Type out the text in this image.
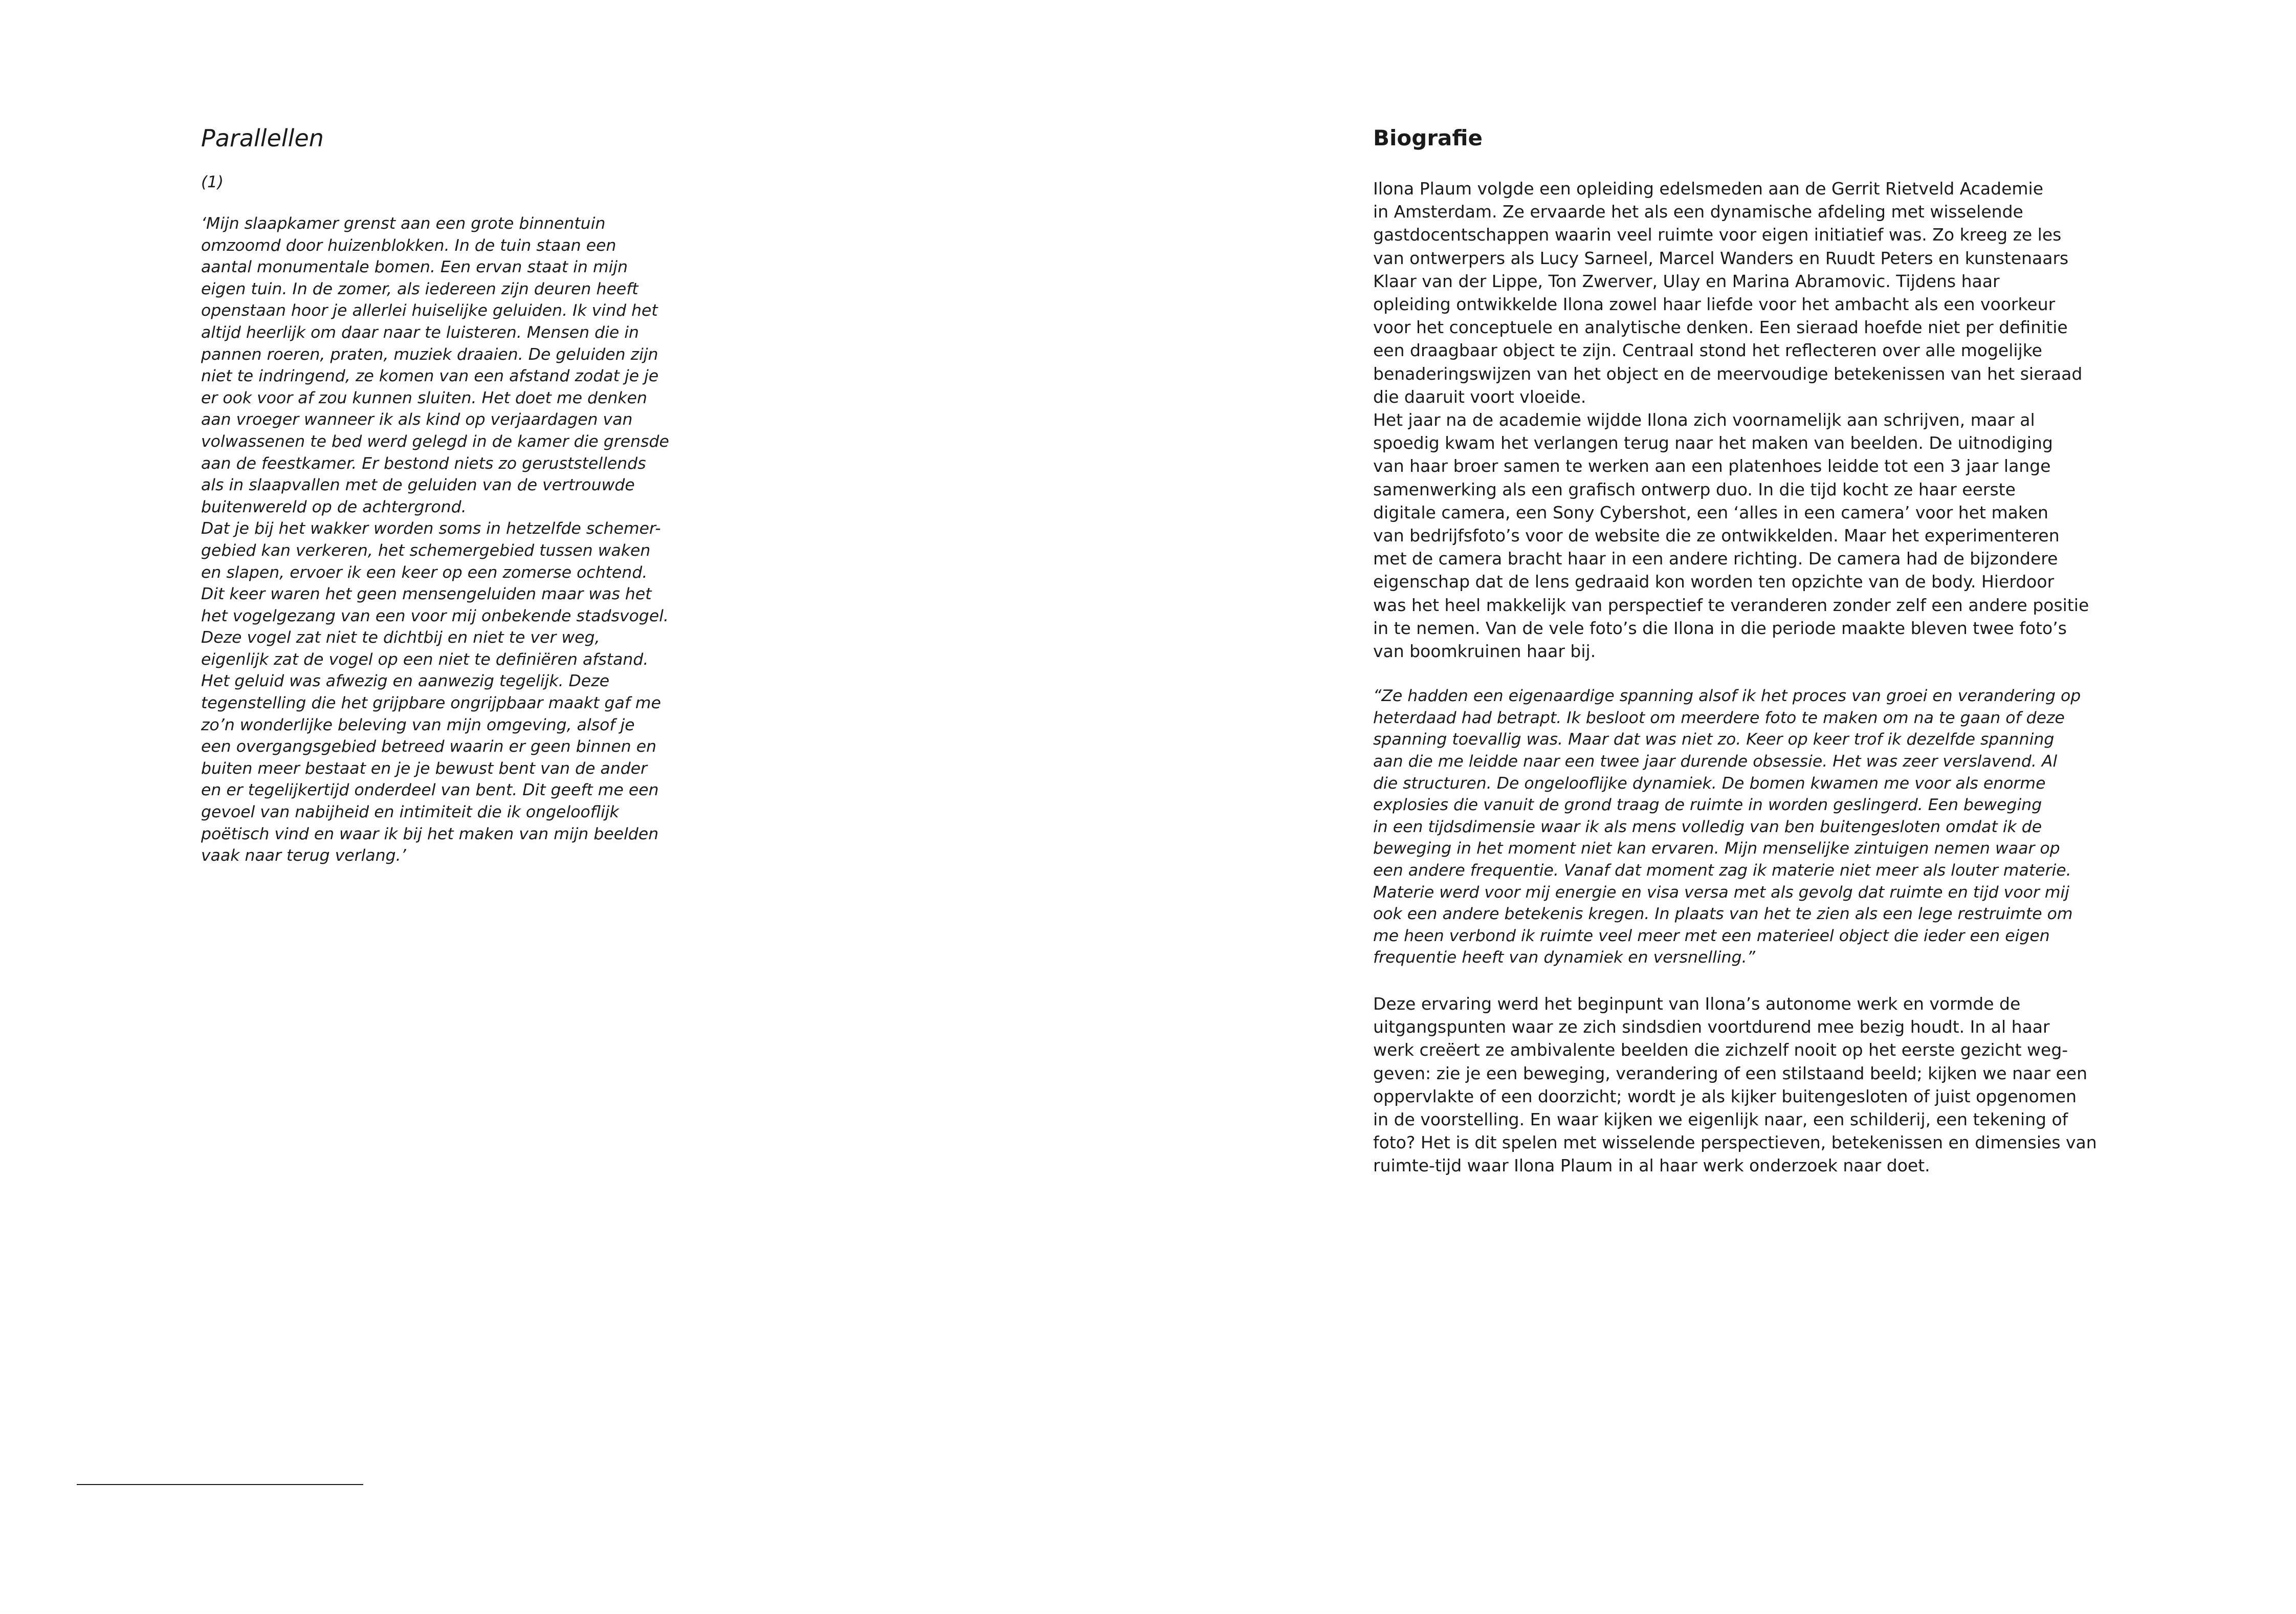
Parallellen
(1)

‘Mijn slaapkamer grenst aan een grote binnentuin
omzoomd door huizenblokken. In de tuin staan een
aantal monumentale bomen. Een ervan staat in mijn
eigen tuin. In de zomer, als iedereen zijn deuren heeft
openstaan hoor je allerlei huiselijke geluiden. Ik vind het
altijd heerlijk om daar naar te luisteren. Mensen die in
pannen roeren, praten, muziek draaien. De geluiden zijn
niet te indringend, ze komen van een afstand zodat je je
er ook voor af zou kunnen sluiten. Het doet me denken
aan vroeger wanneer ik als kind op verjaardagen van
volwassenen te bed werd gelegd in de kamer die grensde
aan de feestkamer. Er bestond niets zo geruststellends
als in slaapvallen met de geluiden van de vertrouwde
buitenwereld op de achtergrond.
Dat je bij het wakker worden soms in hetzelfde schemer-
gebied kan verkeren, het schemergebied tussen waken
en slapen, ervoer ik een keer op een zomerse ochtend.
Dit keer waren het geen mensengeluiden maar was het
het vogelgezang van een voor mij onbekende stadsvogel.
Deze vogel zat niet te dichtbij en niet te ver weg,
eigenlijk zat de vogel op een niet te definiëren afstand.
Het geluid was afwezig en aanwezig tegelijk. Deze
tegenstelling die het grijpbare ongrijpbaar maakt gaf me
zo’n wonderlijke beleving van mijn omgeving, alsof je
een overgangsgebied betreed waarin er geen binnen en
buiten meer bestaat en je je bewust bent van de ander
en er tegelijkertijd onderdeel van bent. Dit geeft me een
gevoel van nabijheid en intimiteit die ik ongelooflijk
poëtisch vind en waar ik bij het maken van mijn beelden
vaak naar terug verlang.’

Biografie

Ilona Plaum volgde een opleiding edelsmeden aan de Gerrit Rietveld Academie
in Amsterdam. Ze ervaarde het als een dynamische afdeling met wisselende
gastdocentschappen waarin veel ruimte voor eigen initiatief was. Zo kreeg ze les
van ontwerpers als Lucy Sarneel, Marcel Wanders en Ruudt Peters en kunstenaars
Klaar van der Lippe, Ton Zwerver, Ulay en Marina Abramovic. Tijdens haar
opleiding ontwikkelde Ilona zowel haar liefde voor het ambacht als een voorkeur
voor het conceptuele en analytische denken. Een sieraad hoefde niet per definitie
een draagbaar object te zijn. Centraal stond het reflecteren over alle mogelijke
benaderingswijzen van het object en de meervoudige betekenissen van het sieraad
die daaruit voort vloeide.
Het jaar na de academie wijdde Ilona zich voornamelijk aan schrijven, maar al
spoedig kwam het verlangen terug naar het maken van beelden. De uitnodiging
van haar broer samen te werken aan een platenhoes leidde tot een 3 jaar lange
samenwerking als een grafisch ontwerp duo. In die tijd kocht ze haar eerste
digitale camera, een Sony Cybershot, een ‘alles in een camera’ voor het maken
van bedrijfsfoto’s voor de website die ze ontwikkelden. Maar het experimenteren
met de camera bracht haar in een andere richting. De camera had de bijzondere
eigenschap dat de lens gedraaid kon worden ten opzichte van de body. Hierdoor
was het heel makkelijk van perspectief te veranderen zonder zelf een andere positie
in te nemen. Van de vele foto’s die Ilona in die periode maakte bleven twee foto’s
van boomkruinen haar bij.

“Ze hadden een eigenaardige spanning alsof ik het proces van groei en verandering op
heterdaad had betrapt. Ik besloot om meerdere foto te maken om na te gaan of deze
spanning toevallig was. Maar dat was niet zo. Keer op keer trof ik dezelfde spanning
aan die me leidde naar een twee jaar durende obsessie. Het was zeer verslavend. Al
die structuren. De ongelooflijke dynamiek. De bomen kwamen me voor als enorme
explosies die vanuit de grond traag de ruimte in worden geslingerd. Een beweging
in een tijdsdimensie waar ik als mens volledig van ben buitengesloten omdat ik de
beweging in het moment niet kan ervaren. Mijn menselijke zintuigen nemen waar op
een andere frequentie. Vanaf dat moment zag ik materie niet meer als louter materie.
Materie werd voor mij energie en visa versa met als gevolg dat ruimte en tijd voor mij
ook een andere betekenis kregen. In plaats van het te zien als een lege restruimte om
me heen verbond ik ruimte veel meer met een materieel object die ieder een eigen
frequentie heeft van dynamiek en versnelling.”

Deze ervaring werd het beginpunt van Ilona’s autonome werk en vormde de
uitgangspunten waar ze zich sindsdien voortdurend mee bezig houdt. In al haar
werk creëert ze ambivalente beelden die zichzelf nooit op het eerste gezicht weg-
geven: zie je een beweging, verandering of een stilstaand beeld; kijken we naar een
oppervlakte of een doorzicht; wordt je als kijker buitengesloten of juist opgenomen
in de voorstelling. En waar kijken we eigenlijk naar, een schilderij, een tekening of
foto? Het is dit spelen met wisselende perspectieven, betekenissen en dimensies van
ruimte-tijd waar Ilona Plaum in al haar werk onderzoek naar doet.
